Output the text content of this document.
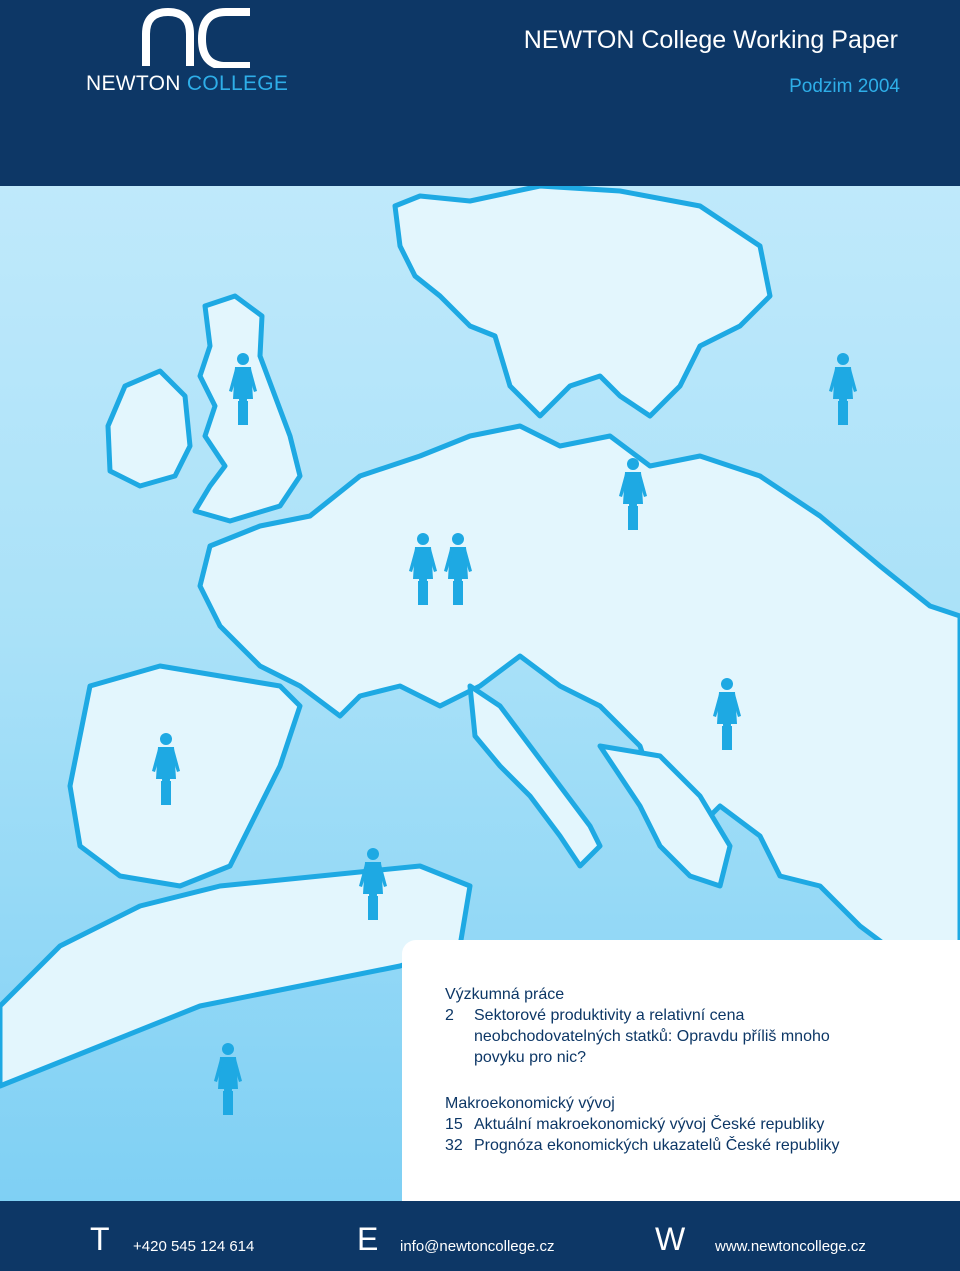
NEWTON COLLEGE
NEWTON College Working Paper
Podzim 2004
Výzkumná práce
2 Sektorové produktivity a relativní cena
neobchodovatelných statků: Opravdu příliš mnoho
povyku pro nic?
Makroekonomický vývoj
15 Aktuální makroekonomický vývoj České republiky
32 Prognóza ekonomických ukazatelů České republiky
T +420 545 124 614	E info@newtoncollege.cz	W www.newtoncollege.cz
